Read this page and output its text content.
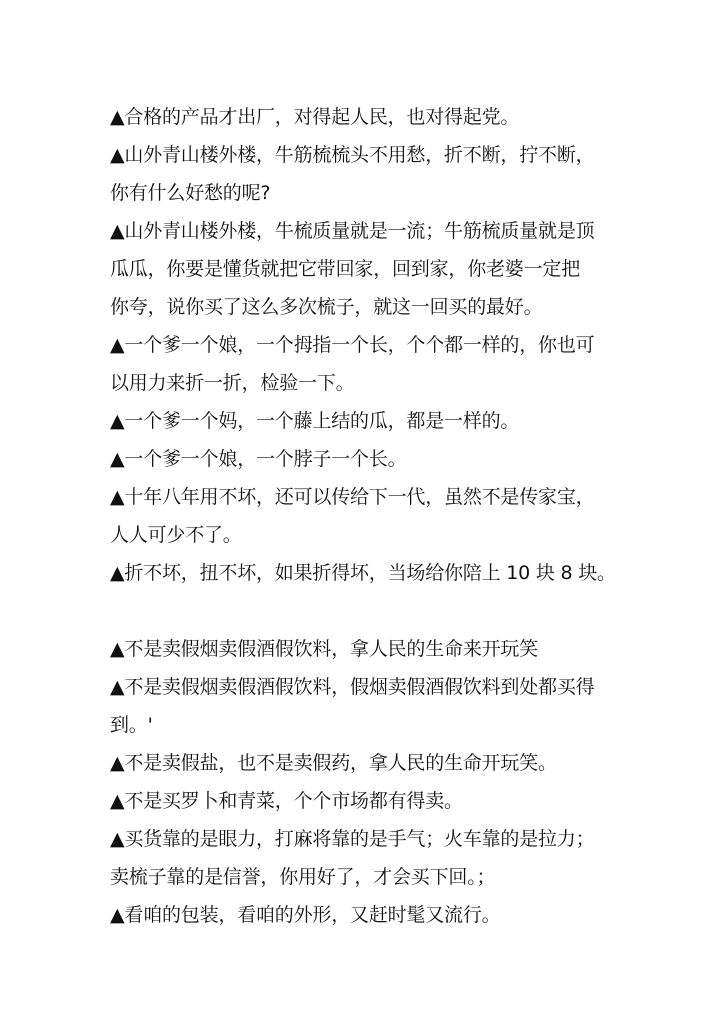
▲合格的产品才出厂，对得起人民，也对得起党。
▲山外青山楼外楼，牛筋梳梳头不用愁，折不断，拧不断，
你有什么好愁的呢?
▲山外青山楼外楼，牛梳质量就是一流；牛筋梳质量就是顶
瓜瓜，你要是懂货就把它带回家，回到家，你老婆一定把
你夸，说你买了这么多次梳子，就这一回买的最好。
▲一个爹一个娘，一个拇指一个长，个个都一样的，你也可
以用力来折一折，检验一下。
▲一个爹一个妈，一个藤上结的瓜，都是一样的。
▲一个爹一个娘，一个脖子一个长。
▲十年八年用不坏，还可以传给下一代，虽然不是传家宝，
人人可少不了。
▲折不坏，扭不坏，如果折得坏，当场给你陪上 10 块 8 块。
▲不是卖假烟卖假酒假饮料，拿人民的生命来开玩笑
▲不是卖假烟卖假酒假饮料，假烟卖假酒假饮料到处都买得
到。'
▲不是卖假盐，也不是卖假药，拿人民的生命开玩笑。
▲不是买罗卜和青菜，个个市场都有得卖。
▲买货靠的是眼力，打麻将靠的是手气；火车靠的是拉力；
卖梳子靠的是信誉，你用好了，才会买下回。；
▲看咱的包装，看咱的外形，又赶时髦又流行。
